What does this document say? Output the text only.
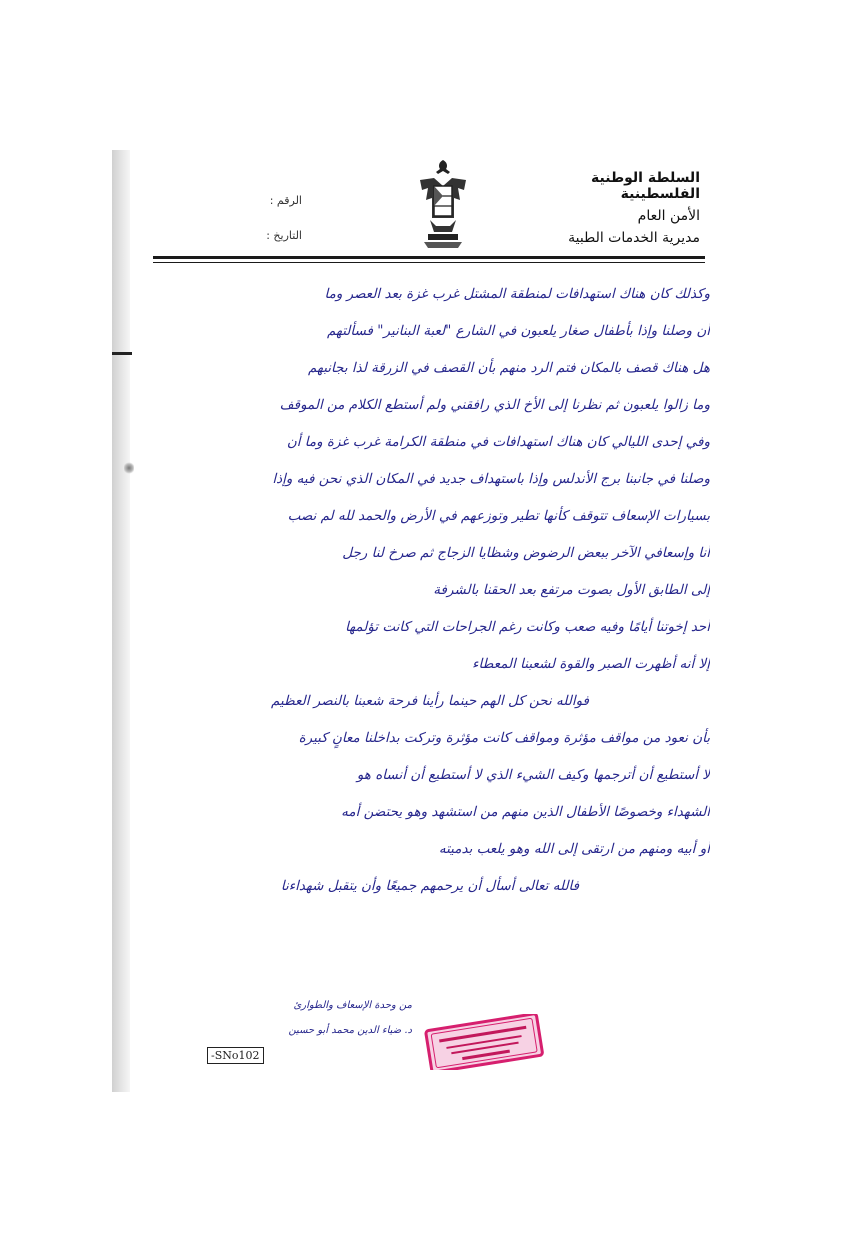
السلطة الوطنية الفلسطينية
الأمن العام
مديرية الخدمات الطبية
الرقم :
التاريخ :
وكذلك كان هناك استهدافات لمنطقة المشتل غرب غزة بعد العصر وما
أن وصلنا وإذا بأطفال صغار يلعبون في الشارع "لعبة البنانير" فسألتهم
هل هناك قصف بالمكان فتم الرد منهم بأن القصف في الزرقة لذا بجانبهم
وما زالوا يلعبون ثم نظرنا إلى الأخ الذي رافقني ولم أستطع الكلام من الموقف
وفي إحدى الليالي كان هناك استهدافات في منطقة الكرامة غرب غزة وما أن
وصلنا في جانبنا برج الأندلس وإذا باستهداف جديد في المكان الذي نحن فيه وإذا
بسيارات الإسعاف تتوقف كأنها تطير وتوزعهم في الأرض والحمد لله لم نصب
أنا وإسعافي الآخر ببعض الرضوض وشظايا الزجاج ثم صرخ لنا رجل
إلى الطابق الأول بصوت مرتفع بعد الحقنا بالشرفة
أحد إخوتنا أيامًا وفيه صعب وكانت رغم الجراحات التي كانت تؤلمها
إلا أنه أظهرت الصبر والقوة لشعبنا المعطاء
فوالله نحن كل الهم حينما رأينا فرحة شعبنا بالنصر العظيم
بأن نعود من مواقف مؤثرة ومواقف كانت مؤثرة وتركت بداخلنا معانٍ كبيرة
لا أستطيع أن أترجمها وكيف الشيء الذي لا أستطيع أن أنساه هو
الشهداء وخصوصًا الأطفال الذين منهم من استشهد وهو يحتضن أمه
أو أبيه ومنهم من ارتقى إلى الله وهو يلعب بدميته
فالله تعالى أسأل أن يرحمهم جميعًا وأن يتقبل شهداءنا
من وحدة الإسعاف والطوارئ
د. ضياء الدين محمد أبو حسين
-SNo102
